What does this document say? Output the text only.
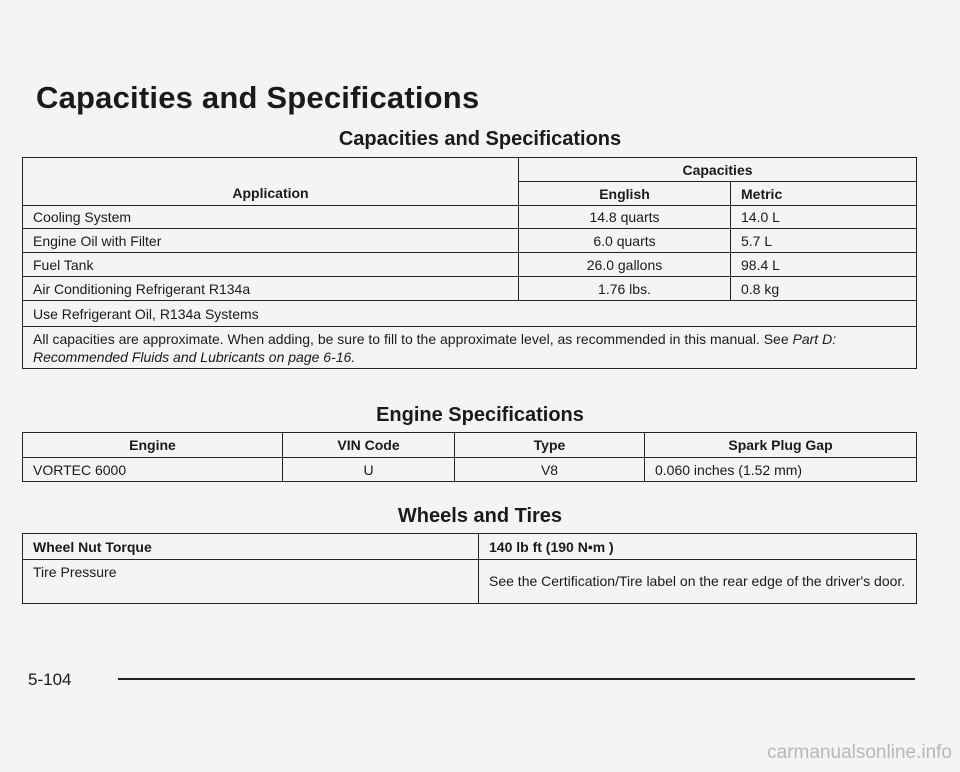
Capacities and Specifications
Capacities and Specifications
Application	Capacities	
	English	Metric
Cooling System	14.8 quarts	14.0 L
Engine Oil with Filter	6.0 quarts	5.7 L
Fuel Tank	26.0 gallons	98.4 L
Air Conditioning Refrigerant R134a	1.76 lbs.	0.8 kg
Use Refrigerant Oil, R134a Systems		
All capacities are approximate. When adding, be sure to fill to the approximate level, as recommended in this manual. See Part D: Recommended Fluids and Lubricants on page 6-16.		
Engine Specifications
Engine	VIN Code	Type	Spark Plug Gap
VORTEC 6000	U	V8	0.060 inches (1.52 mm)
Wheels and Tires
Wheel Nut Torque	140 lb ft (190 N•m )
Tire Pressure	See the Certification/Tire label on the rear edge of the driver's door.
5-104
carmanualsonline.info
